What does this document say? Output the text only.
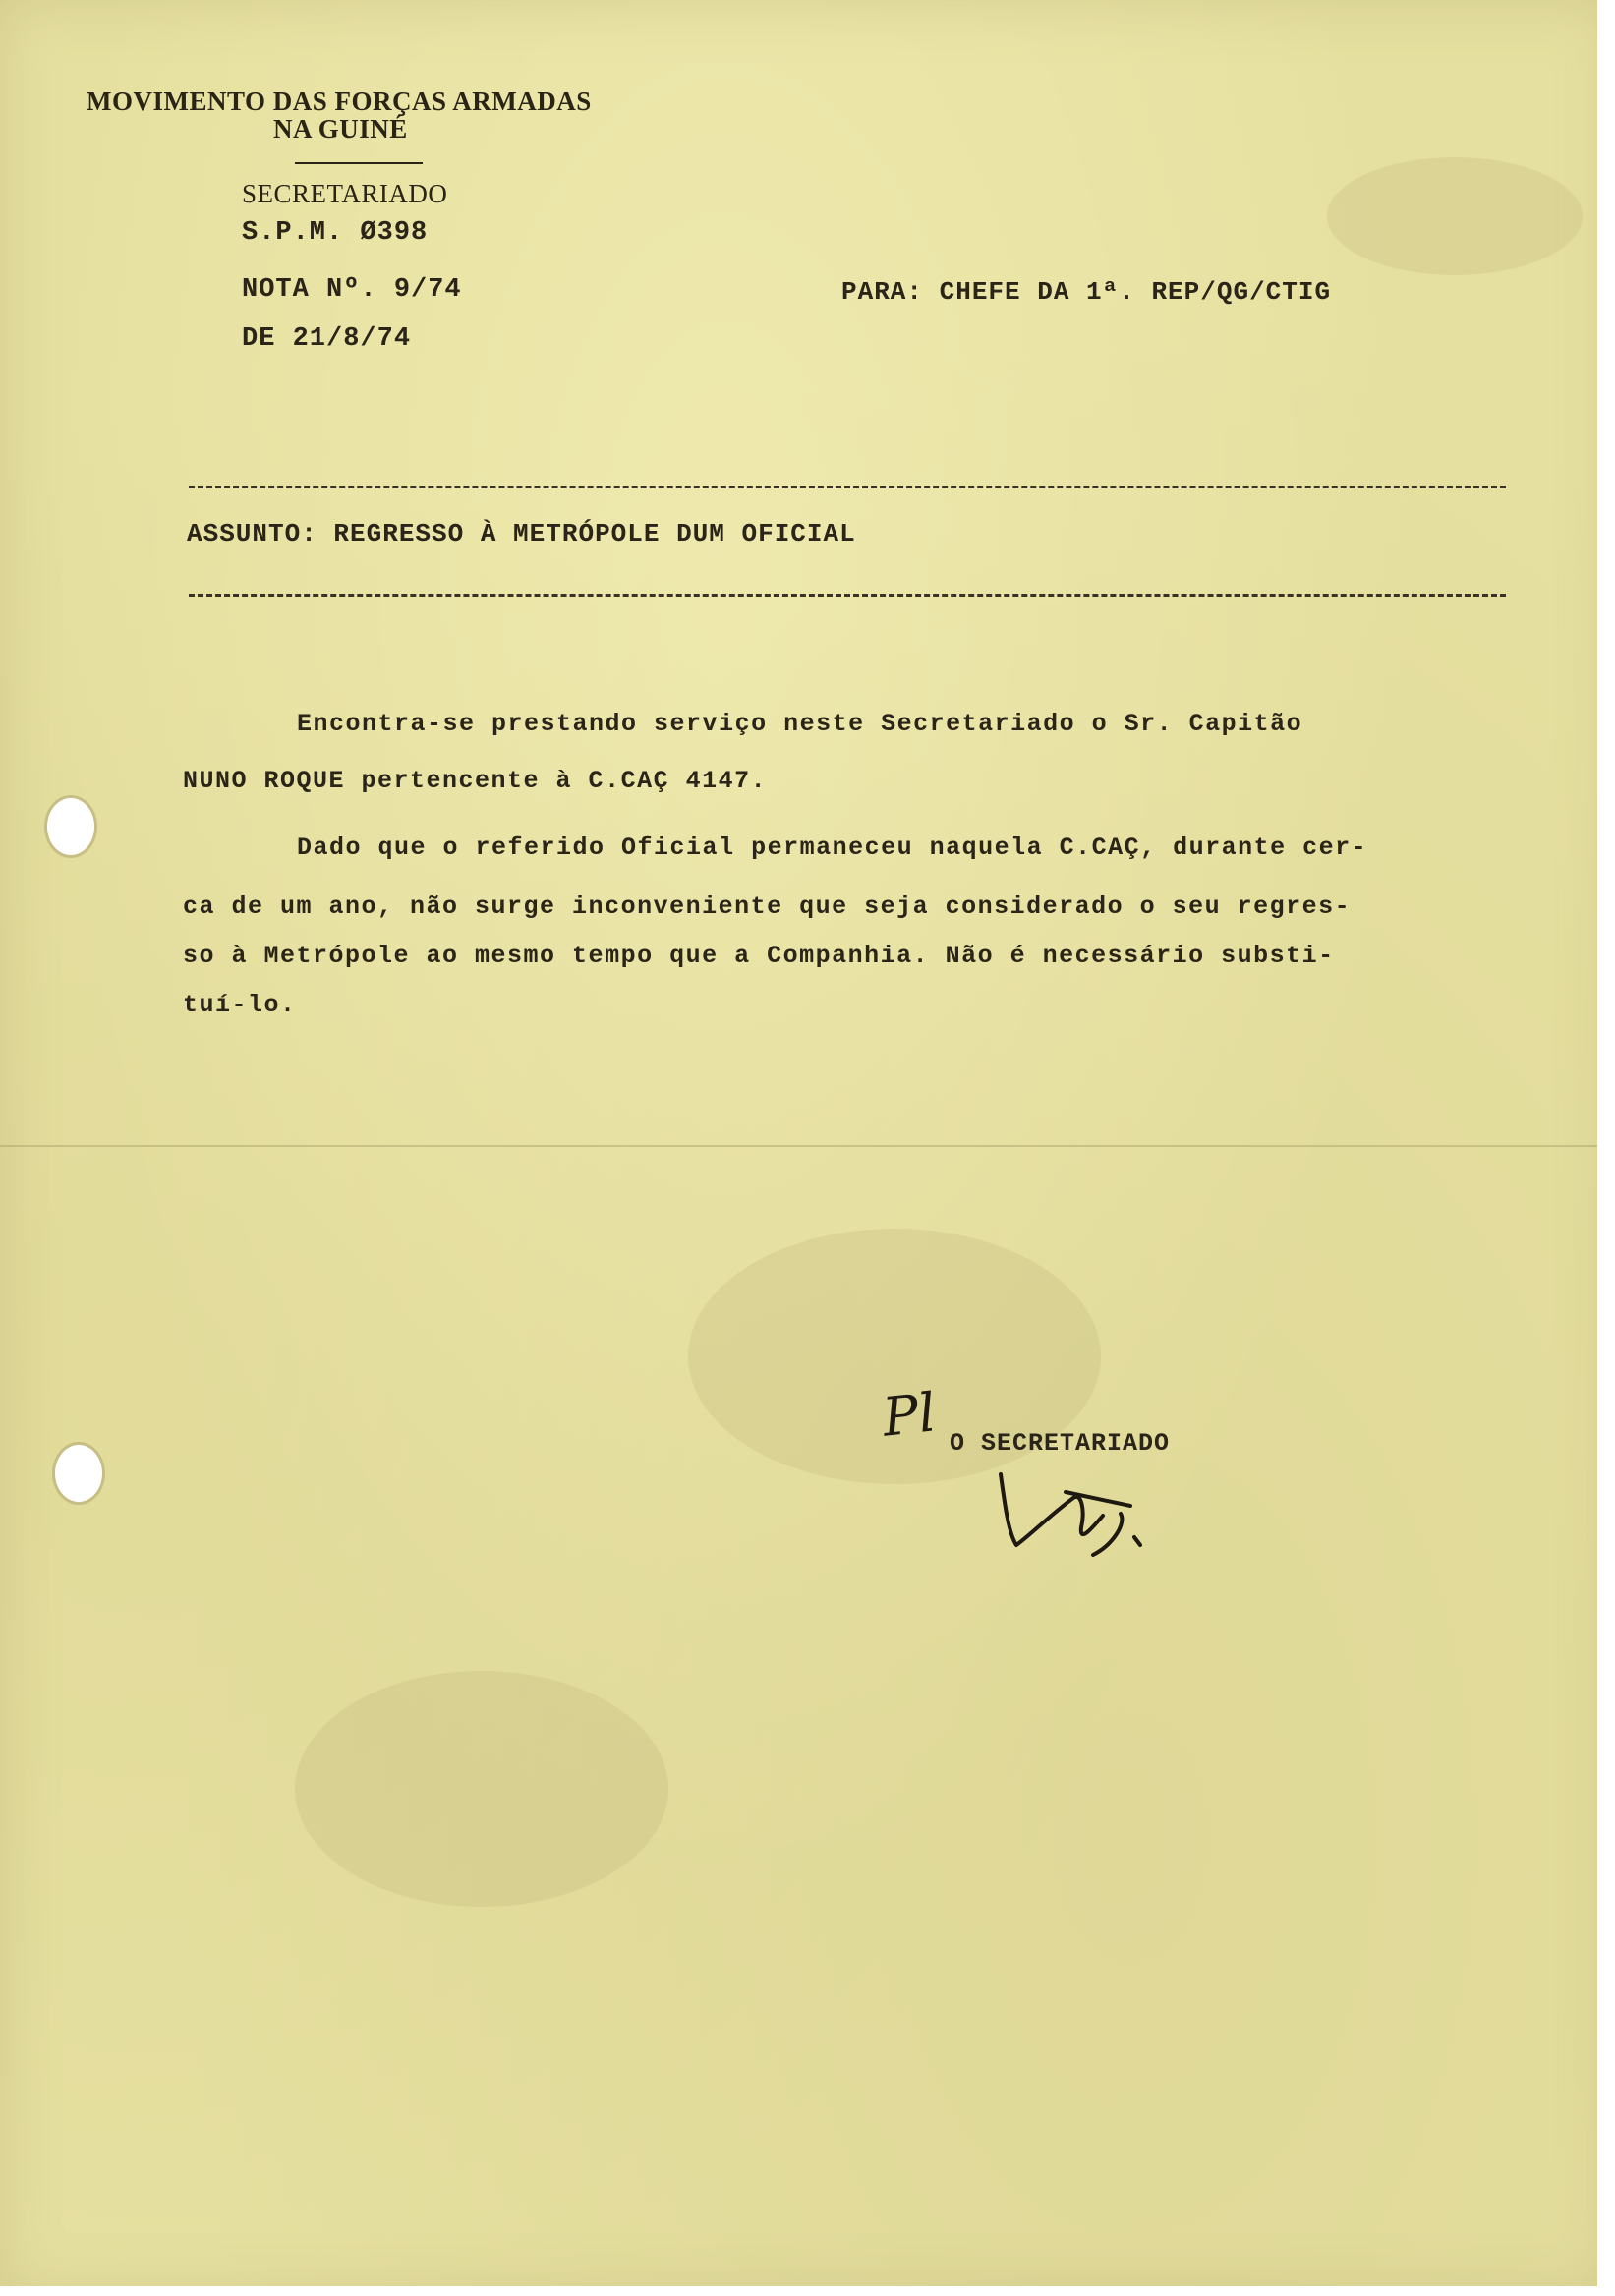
MOVIMENTO DAS FORÇAS ARMADAS
NA GUINÉ
SECRETARIADO
S.P.M. Ø398
NOTA Nº. 9/74
DE 21/8/74
PARA: CHEFE DA 1ª. REP/QG/CTIG
ASSUNTO: REGRESSO À METRÓPOLE DUM OFICIAL
Encontra-se prestando serviço neste Secretariado o Sr. Capitão
NUNO ROQUE pertencente à C.CAÇ 4147.
Dado que o referido Oficial permaneceu naquela C.CAÇ, durante cer-
ca de um ano, não surge inconveniente que seja considerado o seu regres-
so à Metrópole ao mesmo tempo que a Companhia. Não é necessário substi-
tuí-lo.
Pl O SECRETARIADO
